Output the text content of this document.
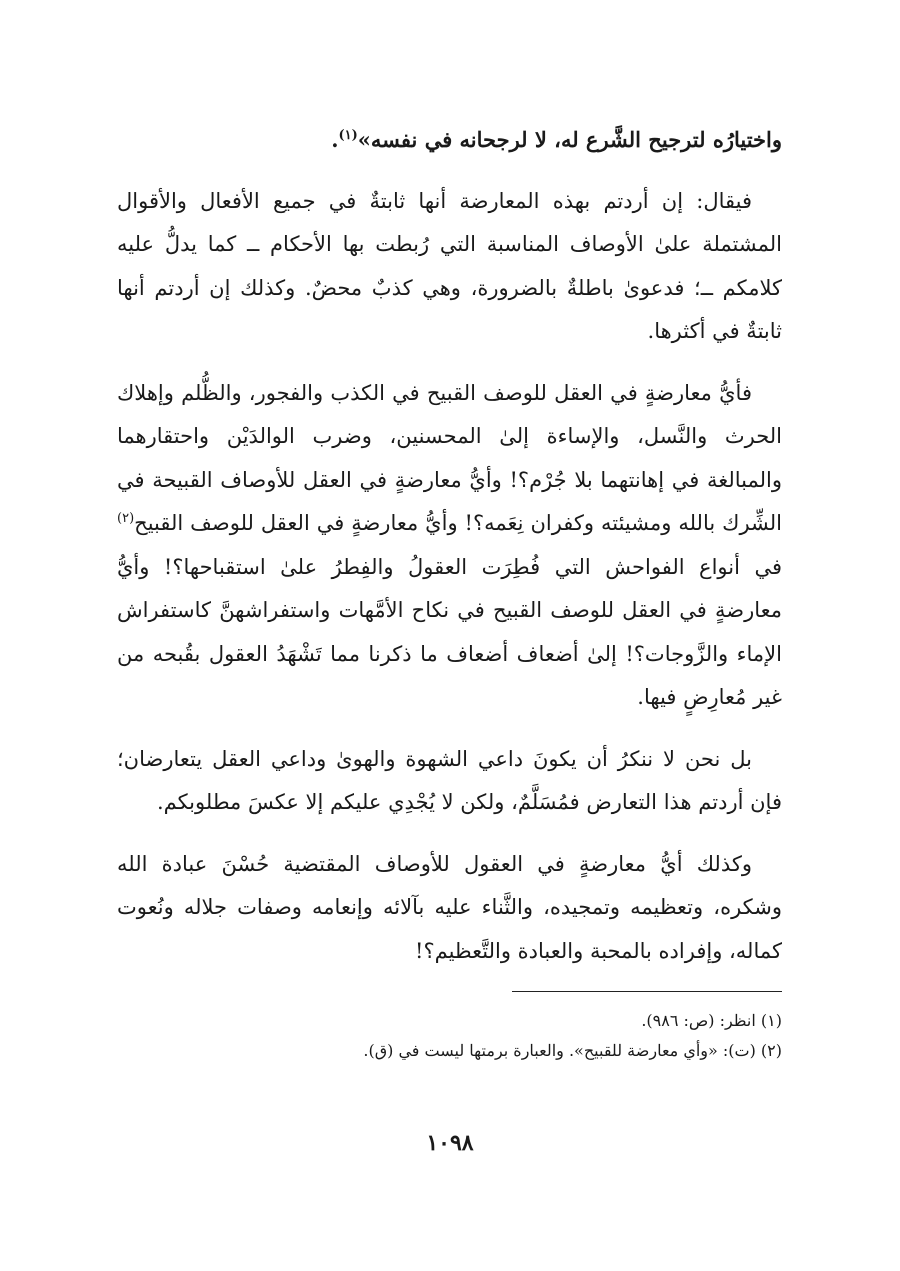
واختيارُه لترجيح الشَّرع له، لا لرجحانه في نفسه»$^{(١)}$.

فيقال: إن أردتم بهذه المعارضة أنها ثابتةٌ في جميع الأفعال والأقوال المشتملة علىٰ الأوصاف المناسبة التي رُبطت بها الأحكام ــ كما يدلُّ عليه كلامكم ــ؛ فدعوىٰ باطلةٌ بالضرورة، وهي كذبٌ محضٌ. وكذلك إن أردتم أنها ثابتةٌ في أكثرها.

فأيُّ معارضةٍ في العقل للوصف القبيح في الكذب والفجور، والظُّلم وإهلاك الحرث والنَّسل، والإساءة إلىٰ المحسنين، وضرب الوالدَيْن واحتقارهما والمبالغة في إهانتهما بلا جُرْم؟! وأيُّ معارضةٍ في العقل للأوصاف القبيحة في الشِّرك بالله ومشيئته وكفران نِعَمه؟! وأيُّ معارضةٍ في العقل للوصف القبيح$^{(٢)}$ في أنواع الفواحش التي فُطِرَت العقولُ والفِطرُ علىٰ استقباحها؟! وأيُّ معارضةٍ في العقل للوصف القبيح في نكاح الأمَّهات واستفراشهنَّ كاستفراش الإماء والزَّوجات؟! إلىٰ أضعاف أضعاف ما ذكرنا مما تَشْهَدُ العقول بقُبحه من غير مُعارِضٍ فيها.

بل نحن لا ننكرُ أن يكونَ داعي الشهوة والهوىٰ وداعي العقل يتعارضان؛ فإن أردتم هذا التعارض فمُسَلَّمٌ، ولكن لا يُجْدِي عليكم إلا عكسَ مطلوبكم.

وكذلك أيُّ معارضةٍ في العقول للأوصاف المقتضية حُسْنَ عبادة الله وشكره، وتعظيمه وتمجيده، والثَّناء عليه بآلائه وإنعامه وصفات جلاله ونُعوت كماله، وإفراده بالمحبة والعبادة والتَّعظيم؟!

(١) انظر: (ص: ٩٨٦).

(٢) (ت): «وأي معارضة للقبيح». والعبارة برمتها ليست في (ق).

١٠٩٨
